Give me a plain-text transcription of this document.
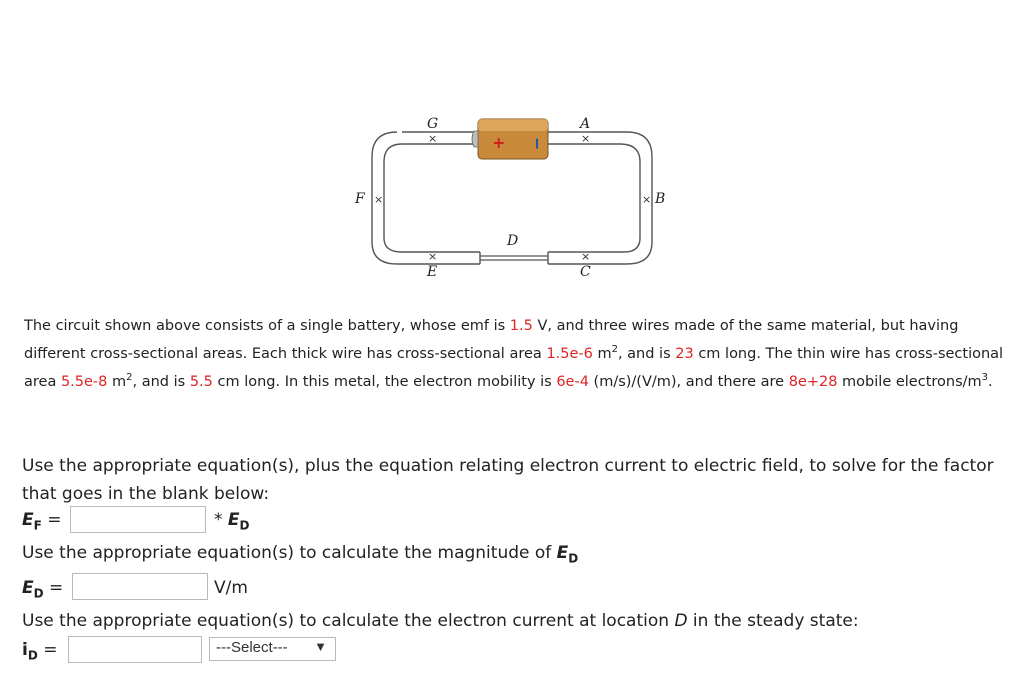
+ −
G
×
A
×
F ×	B
×
D
×
E
×
C
The circuit shown above consists of a single battery, whose emf is 1.5 V, and three wires made of the same material, but having different cross-sectional areas. Each thick wire has cross-sectional area 1.5e-6 $m^2$, and is 23 cm long. The thin wire has cross-sectional area 5.5e-8 $m^2$, and is 5.5 cm long. In this metal, the electron mobility is 6e-4 (m/s)/(V/m), and there are 8e+28 mobile electrons/$m^3$.
Use the appropriate equation(s), plus the equation relating electron current to electric field, to solve for the factor that goes in the blank below:
$E_F$ =	* $E_D$
Use the appropriate equation(s) to calculate the magnitude of $E_D$
$E_D$ =	V/m
Use the appropriate equation(s) to calculate the electron current at location D in the steady state:
$i_D$ =	---Select--- ▼
